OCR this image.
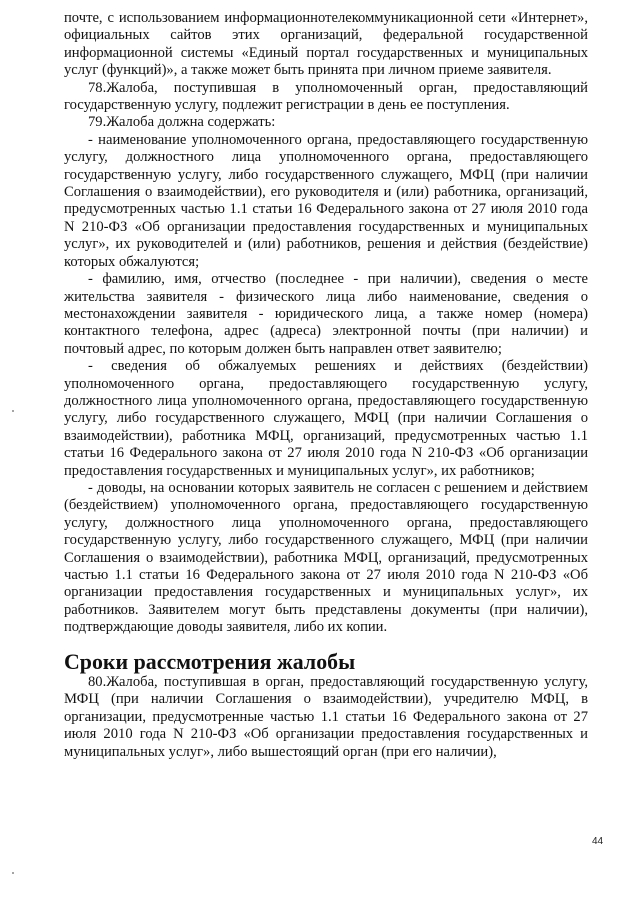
почте, с использованием информационнотелекоммуникационной сети «Интернет», официальных сайтов этих организаций, федеральной государственной информационной системы «Единый портал государственных и муниципальных услуг (функций)», а также может быть принята при личном приеме заявителя.

78.Жалоба, поступившая в уполномоченный орган, предоставляющий государственную услугу, подлежит регистрации в день ее поступления.

79.Жалоба должна содержать:

- наименование уполномоченного органа, предоставляющего государственную услугу, должностного лица уполномоченного органа, предоставляющего государственную услугу, либо государственного служащего, МФЦ (при наличии Соглашения о взаимодействии), его руководителя и (или) работника, организаций, предусмотренных частью 1.1 статьи 16 Федерального закона от 27 июля 2010 года N 210-ФЗ «Об организации предоставления государственных и муниципальных услуг», их руководителей и (или) работников, решения и действия (бездействие) которых обжалуются;

- фамилию, имя, отчество (последнее - при наличии), сведения о месте жительства заявителя - физического лица либо наименование, сведения о местонахождении заявителя - юридического лица, а также номер (номера) контактного телефона, адрес (адреса) электронной почты (при наличии) и почтовый адрес, по которым должен быть направлен ответ заявителю;

- сведения об обжалуемых решениях и действиях (бездействии) уполномоченного органа, предоставляющего государственную услугу, должностного лица уполномоченного органа, предоставляющего государственную услугу, либо государственного служащего, МФЦ (при наличии Соглашения о взаимодействии), работника МФЦ, организаций, предусмотренных частью 1.1 статьи 16 Федерального закона от 27 июля 2010 года N 210-ФЗ «Об организации предоставления государственных и муниципальных услуг», их работников;

- доводы, на основании которых заявитель не согласен с решением и действием (бездействием) уполномоченного органа, предоставляющего государственную услугу, должностного лица уполномоченного органа, предоставляющего государственную услугу, либо государственного служащего, МФЦ (при наличии Соглашения о взаимодействии), работника МФЦ, организаций, предусмотренных частью 1.1 статьи 16 Федерального закона от 27 июля 2010 года N 210-ФЗ «Об организации предоставления государственных и муниципальных услуг», их работников. Заявителем могут быть представлены документы (при наличии), подтверждающие доводы заявителя, либо их копии.

Сроки рассмотрения жалобы

80.Жалоба, поступившая в орган, предоставляющий государственную услугу, МФЦ (при наличии Соглашения о взаимодействии), учредителю МФЦ, в организации, предусмотренные частью 1.1 статьи 16 Федерального закона от 27 июля 2010 года N 210-ФЗ «Об организации предоставления государственных и муниципальных услуг», либо вышестоящий орган (при его наличии),

44
